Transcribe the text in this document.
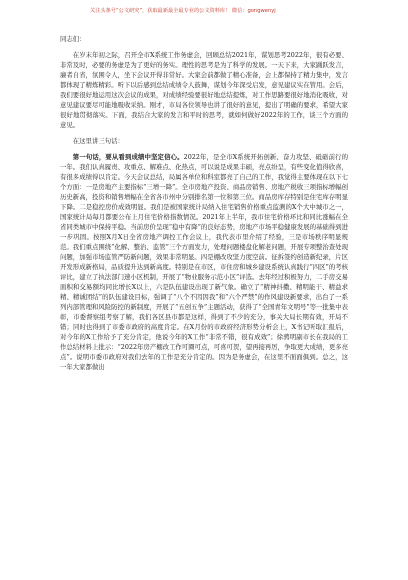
关注头条号“公文研究”，获取最新最全最专业的公文资料库！ 微信：gongwenyj

同志们：

在岁末年初之际，召开全市X系统工作务虚会，回顾总结2021年，谋划思考2022年，很有必要、非常及时，必要的务虚是为了更好的务实。理性的思考是为了科学的发展。一天下来，大家踊跃发言，廉者自省，氛围令人，坐下会议开得非常好。大家会前都做了精心准备，会上都保持了精力集中，发言都体现了精炼精彩。听下以后感到总结成绩令人鼓舞，谋划今年深受启发，意见建议实在管用。会后，我们要很好地运用这次会议的成果，对成绩经验要很好地总结提炼，对工作思路要很好地消化吸收，对意见建议要尽可能地吸收采纳。刚才，市局各位领导也讲了很好的意见，提出了明确的要求，希望大家很好地贯彻落实。下面，我结合大家的发言和平时的思考，就如何做好2022年的工作，谈三个方面的意见。

在这里讲三句话：

第一句话，要从看到成绩中坚定信心。2022年，是全市X系统开拓创新、奋力攻坚、砥砺前行的一年。我们认真履责、攻重点、解难点、化热点，可以说是成果丰硕，亮点纷呈，有些变化值得欣喜，有很多成绩得以肯定。今天会议总结，局属各单位和科室都亮了自己的工作，我觉得主要体现在以下七个方面：一是房地产主要指标“三增一降”。全市房地产投资、商品房销售、房地产税收三项指标增幅创历史新高，投资和销售增幅在全省各市州中分别排名第一位和第三位。商品房库存特别是住宅库存明显下降。二是稳控房价成效明显。我们是被国家统计局纳入住宅销售价格重点监测的X个大中城市之一，国家统计局每月都要公布上月住宅价格指数情况。2021年上半年，我市住宅价格环比和同比涨幅在全省同类城市中保持平稳。当前房价呈现“稳中有降”的良好态势，房地产市场平稳健康发展的基础得到进一步巩固。按照X月X日全省房地产调控工作会议上，我代表市里介绍了经验，三是市场秩序明显规范。我们重点围绕“化解、整治、监管”三个方面发力，处理问题楼盘化解老问题，开展专项整治查处现问题，加强市场监管严防新问题，效果非常明显。四是棚改攻坚力度空前。征拆签约创造新纪录，片区开发形成新格局，品质提升达到新高度。特别是在市区，市住房和城乡建设系统认真践行“四区”的考核评比，建立了执法部门速小区机制，开展了“物业服务示范小区”评选。去年经过积极努力，二手房交易面积和交易额均同比增长X以上，六是队伍建设出现了新气象。确立了“精神抖擞、精明能干、精益求精、精诚团结”的队伍建设目标，强调了“八个不因因我”和“六个严禁”的作风建设新要求，出台了一系列内部管理和风险防控的新制度，开展了“五创五争”主题活动，获得了“全国青年文明号”等一批集中表彰，市委督察组考察了解，我们各区县市都是这样，得到了不少的充分，事关大局长期有效，开局不错；同时也得到了市委市政府的高度肯定。在X月份的市政府经济形势分析会上，X书记听取汇报后，对今年的X工作给予了充分肯定，他说今年的X工作“非常不错，很有成效”；徐骋明副市长在我局的工作总结材料上批示：“2022年房产棚改工作可圈可点，可喜可贺，望再接再厉，争取更大成绩，更多亮点”。说明市委市政府对我们去年的工作是充分肯定的。因为是务虚会，在这里不面面俱到。总之，这一年大家都做出
